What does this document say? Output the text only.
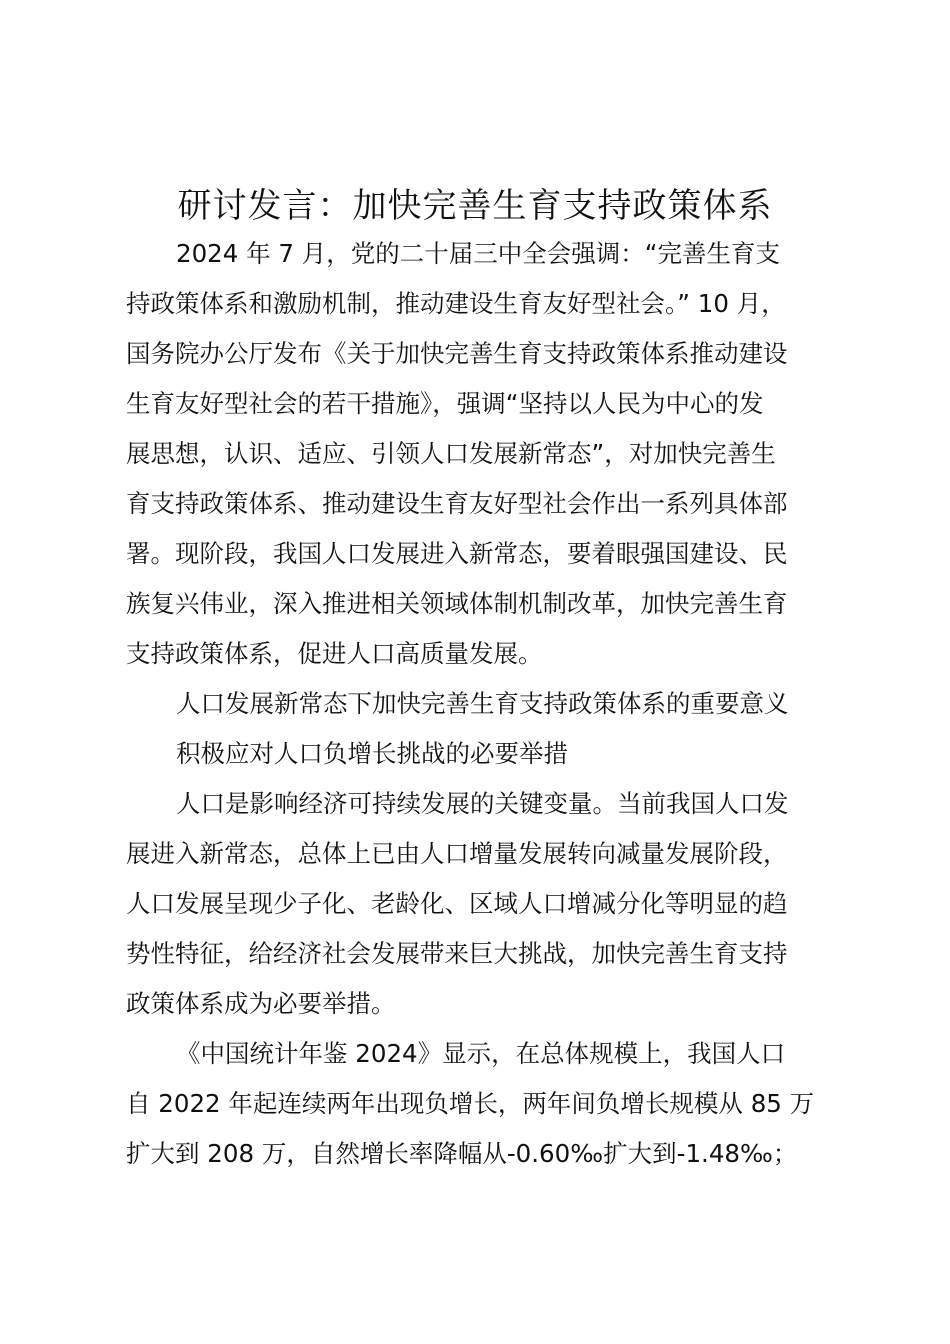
研讨发言：加快完善生育支持政策体系
2024 年 7 月，党的二十届三中全会强调：“完善生育支
持政策体系和激励机制，推动建设生育友好型社会。” 10 月，
国务院办公厅发布《关于加快完善生育支持政策体系推动建设
生育友好型社会的若干措施》，强调“坚持以人民为中心的发
展思想，认识、适应、引领人口发展新常态”，对加快完善生
育支持政策体系、推动建设生育友好型社会作出一系列具体部
署。现阶段，我国人口发展进入新常态，要着眼强国建设、民
族复兴伟业，深入推进相关领域体制机制改革，加快完善生育
支持政策体系，促进人口高质量发展。
人口发展新常态下加快完善生育支持政策体系的重要意义
积极应对人口负增长挑战的必要举措
人口是影响经济可持续发展的关键变量。当前我国人口发
展进入新常态，总体上已由人口增量发展转向减量发展阶段，
人口发展呈现少子化、老龄化、区域人口增减分化等明显的趋
势性特征，给经济社会发展带来巨大挑战，加快完善生育支持
政策体系成为必要举措。
《中国统计年鉴 2024》显示，在总体规模上，我国人口
自 2022 年起连续两年出现负增长，两年间负增长规模从 85 万
扩大到 208 万，自然增长率降幅从-0.60‰扩大到-1.48‰；
